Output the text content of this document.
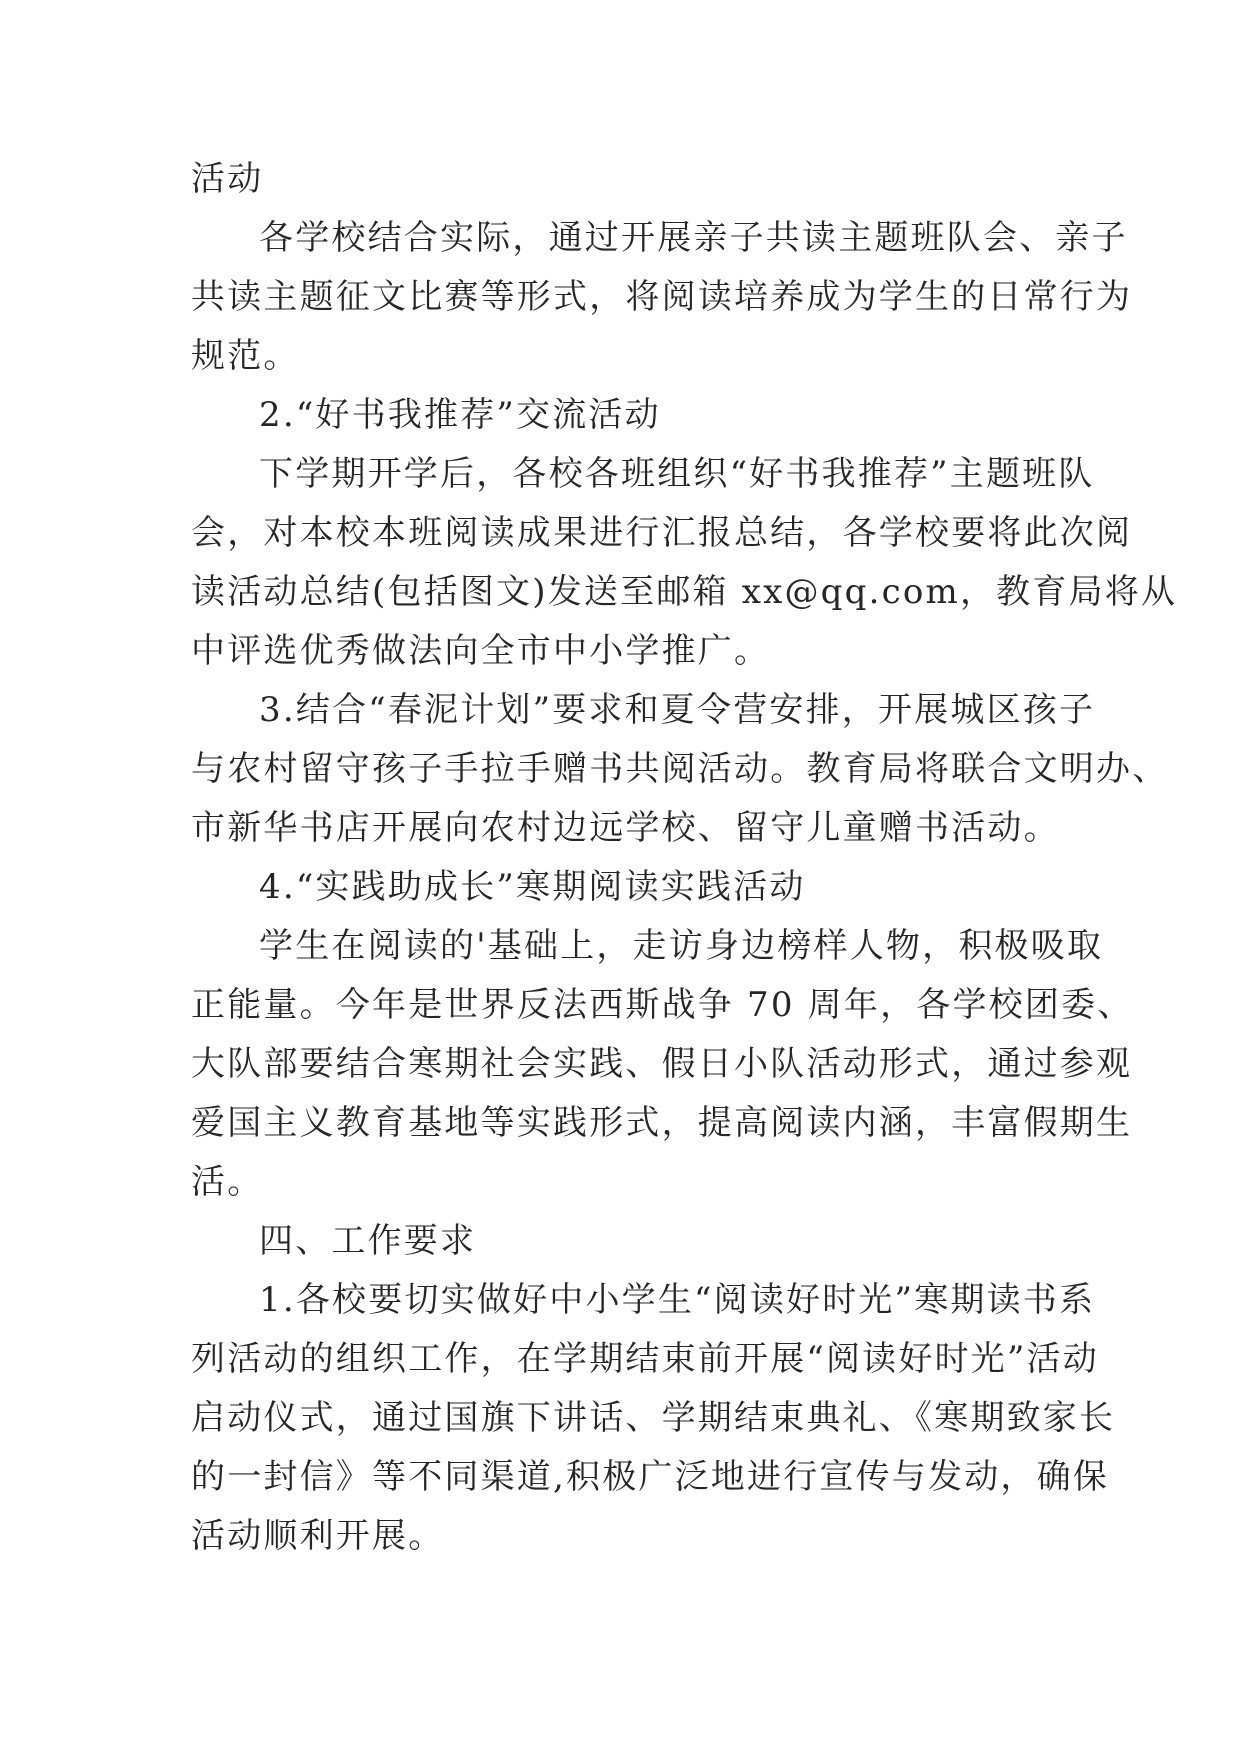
活动
各学校结合实际，通过开展亲子共读主题班队会、亲子
共读主题征文比赛等形式，将阅读培养成为学生的日常行为
规范。
2.“好书我推荐”交流活动
下学期开学后，各校各班组织“好书我推荐”主题班队
会，对本校本班阅读成果进行汇报总结，各学校要将此次阅
读活动总结(包括图文)发送至邮箱 xx@qq.com，教育局将从
中评选优秀做法向全市中小学推广。
3.结合“春泥计划”要求和夏令营安排，开展城区孩子
与农村留守孩子手拉手赠书共阅活动。教育局将联合文明办、
市新华书店开展向农村边远学校、留守儿童赠书活动。
4.“实践助成长”寒期阅读实践活动
学生在阅读的'基础上，走访身边榜样人物，积极吸取
正能量。今年是世界反法西斯战争 70 周年，各学校团委、
大队部要结合寒期社会实践、假日小队活动形式，通过参观
爱国主义教育基地等实践形式，提高阅读内涵，丰富假期生
活。
四、工作要求
1.各校要切实做好中小学生“阅读好时光”寒期读书系
列活动的组织工作，在学期结束前开展“阅读好时光”活动
启动仪式，通过国旗下讲话、学期结束典礼、《寒期致家长
的一封信》等不同渠道,积极广泛地进行宣传与发动，确保
活动顺利开展。
